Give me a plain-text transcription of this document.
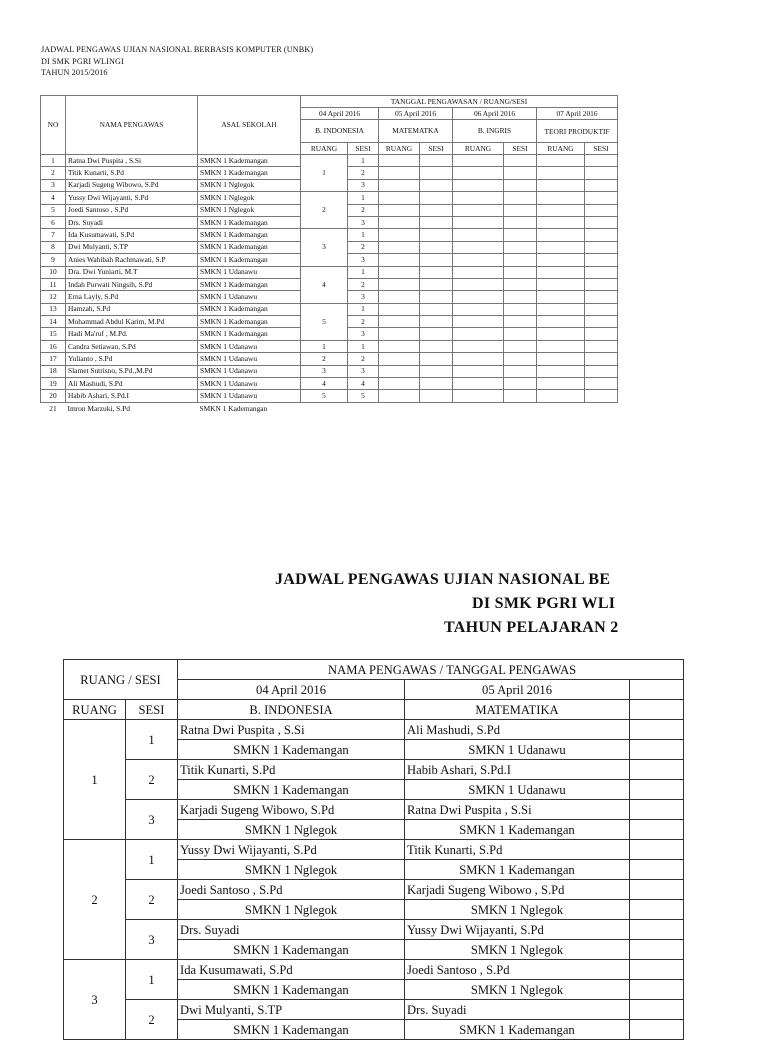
JADWAL PENGAWAS UJIAN NASIONAL BERBASIS KOMPUTER (UNBK)
DI SMK PGRI WLINGI
TAHUN 2015/2016
NO	NAMA PENGAWAS	ASAL SEKOLAH	TANGGAL PENGAWASAN / RUANG/SESI							
			04 April 2016		05 April 2016		06 April 2016		07 April 2016	
			B. INDONESIA		MATEMATKA		B. INGRIS		TEORI PRODUKTIF	
			RUANG	SESI	RUANG	SESI	RUANG	SESI	RUANG	SESI
1	Ratna Dwi Puspita , S.Si	SMKN 1 Kademangan	1	1						
2	Titik Kunarti, S.Pd	SMKN 1 Kademangan		2						
3	Karjadi Sugeng Wibowo, S.Pd	SMKN 1 Nglegok		3						
4	Yussy Dwi Wijayanti, S.Pd	SMKN 1 Nglegok	2	1						
5	Joedi Santoso , S.Pd	SMKN 1 Nglegok		2						
6	Drs. Suyadi	SMKN 1 Kademangan		3						
7	Ida Kusumawati, S.Pd	SMKN 1 Kademangan	3	1						
8	Dwi Mulyanti, S.TP	SMKN 1 Kademangan		2						
9	Anies Wahibah Rachmawati, S.P	SMKN 1 Kademangan		3						
10	Dra. Dwi Yuniarti, M.T	SMKN 1 Udanawu	4	1						
11	Indah Purwati Ningsih, S.Pd	SMKN 1 Kademangan		2						
12	Erna Layly, S.Pd	SMKN 1 Udanawu		3						
13	Hamzah, S.Pd	SMKN 1 Kademangan	5	1						
14	Mohammad Abdul Karim, M.Pd	SMKN 1 Kademangan		2						
15	Hadi Ma'ruf , M.Pd.	SMKN 1 Kademangan		3						
16	Candra Setiawan, S.Pd	SMKN 1 Udanawu	1	1						
17	Yulianto , S.Pd	SMKN 1 Udanawu	2	2						
18	Slamet Sutrisno, S.Pd.,M.Pd	SMKN 1 Udanawu	3	3						
19	Ali Mashudi, S.Pd	SMKN 1 Udanawu	4	4						
20	Habib Ashari, S.Pd.I	SMKN 1 Udanawu	5	5						
21	Imron Marzuki, S.Pd	SMKN 1 Kademangan								
JADWAL PENGAWAS UJIAN NASIONAL BE
DI SMK PGRI WLI
TAHUN PELAJARAN 2
RUANG / SESI		NAMA PENGAWAS / TANGGAL PENGAWAS		
		04 April 2016	05 April 2016	
RUANG	SESI	B. INDONESIA	MATEMATIKA	
1	1	Ratna Dwi Puspita , S.Si	Ali Mashudi, S.Pd	
		SMKN 1 Kademangan	SMKN 1 Udanawu	
	2	Titik Kunarti, S.Pd	Habib Ashari, S.Pd.I	
		SMKN 1 Kademangan	SMKN 1 Udanawu	
	3	Karjadi Sugeng Wibowo, S.Pd	Ratna Dwi Puspita , S.Si	
		SMKN 1 Nglegok	SMKN 1 Kademangan	
2	1	Yussy Dwi Wijayanti, S.Pd	Titik Kunarti, S.Pd	
		SMKN 1 Nglegok	SMKN 1 Kademangan	
	2	Joedi Santoso , S.Pd	Karjadi Sugeng Wibowo , S.Pd	
		SMKN 1 Nglegok	SMKN 1 Nglegok	
	3	Drs. Suyadi	Yussy Dwi Wijayanti, S.Pd	
		SMKN 1 Kademangan	SMKN 1 Nglegok	
3	1	Ida Kusumawati, S.Pd	Joedi Santoso , S.Pd	
		SMKN 1 Kademangan	SMKN 1 Nglegok	
	2	Dwi Mulyanti, S.TP	Drs. Suyadi	
		SMKN 1 Kademangan	SMKN 1 Kademangan	
